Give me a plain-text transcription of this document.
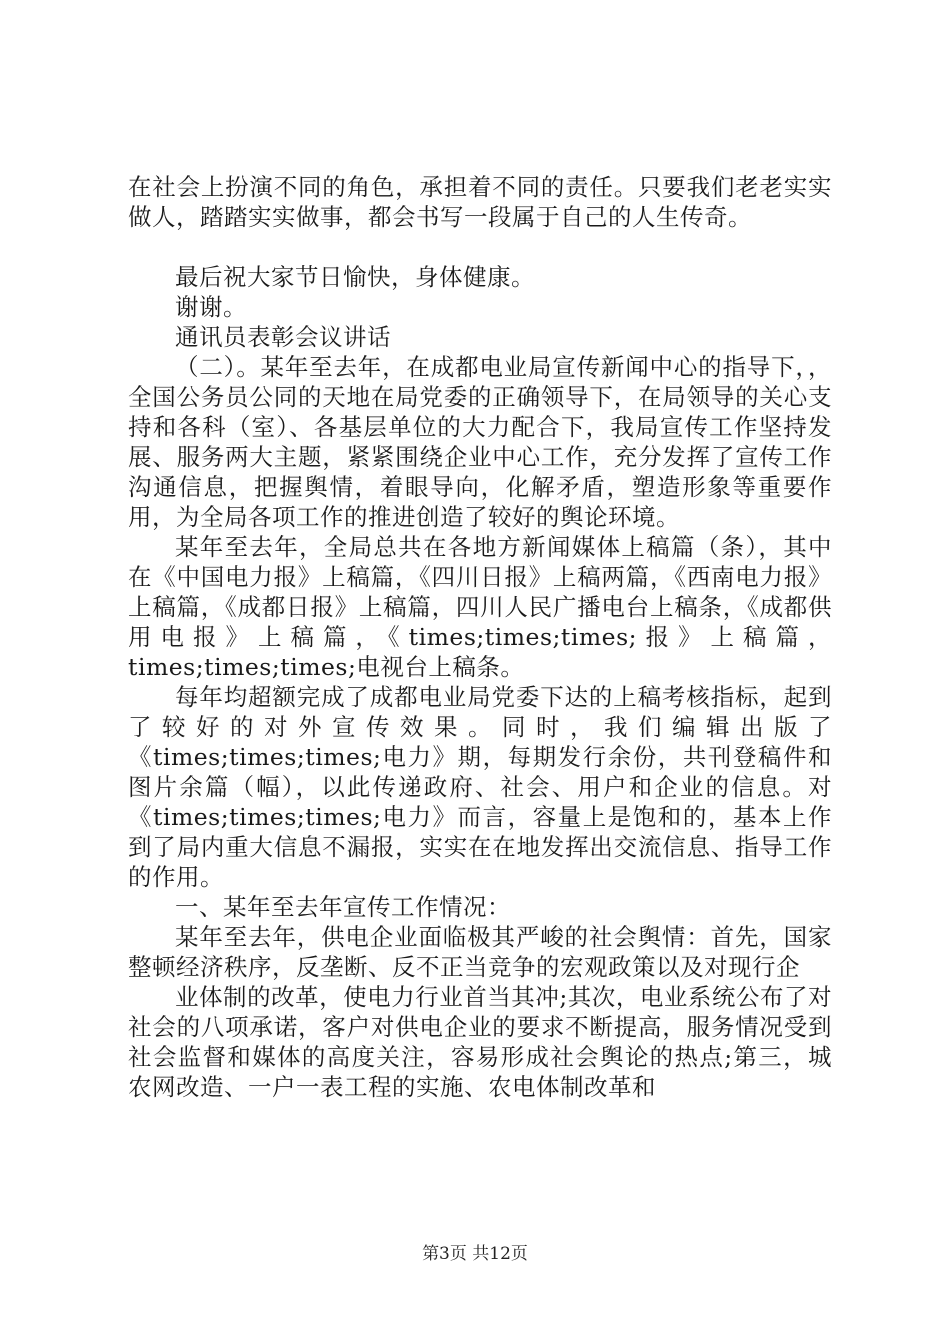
在社会上扮演不同的角色，承担着不同的责任。只要我们老老实实做人，踏踏实实做事，都会书写一段属于自己的人生传奇。

最后祝大家节日愉快，身体健康。

谢谢。

通讯员表彰会议讲话

（二）。某年至去年，在成都电业局宣传新闻中心的指导下，，全国公务员公同的天地在局党委的正确领导下，在局领导的关心支持和各科（室）、各基层单位的大力配合下，我局宣传工作坚持发展、服务两大主题，紧紧围绕企业中心工作，充分发挥了宣传工作沟通信息，把握舆情，着眼导向，化解矛盾，塑造形象等重要作用，为全局各项工作的推进创造了较好的舆论环境。

某年至去年，全局总共在各地方新闻媒体上稿篇（条），其中在《中国电力报》上稿篇，《四川日报》上稿两篇，《西南电力报》上稿篇，《成都日报》上稿篇，四川人民广播电台上稿条，《成都供用电报》上稿篇，《times;times;times;报》上稿篇，times;times;times;电视台上稿条。

每年均超额完成了成都电业局党委下达的上稿考核指标，起到了较好的对外宣传效果。同时，我们编辑出版了《times;times;times;电力》期，每期发行余份，共刊登稿件和图片余篇（幅），以此传递政府、社会、用户和企业的信息。对《times;times;times;电力》而言，容量上是饱和的，基本上作到了局内重大信息不漏报，实实在在地发挥出交流信息、指导工作的作用。

一、某年至去年宣传工作情况：

某年至去年，供电企业面临极其严峻的社会舆情：首先，国家整顿经济秩序，反垄断、反不正当竞争的宏观政策以及对现行企

业体制的改革，使电力行业首当其冲;其次，电业系统公布了对社会的八项承诺，客户对供电企业的要求不断提高，服务情况受到社会监督和媒体的高度关注，容易形成社会舆论的热点;第三，城农网改造、一户一表工程的实施、农电体制改革和

第3页 共12页
